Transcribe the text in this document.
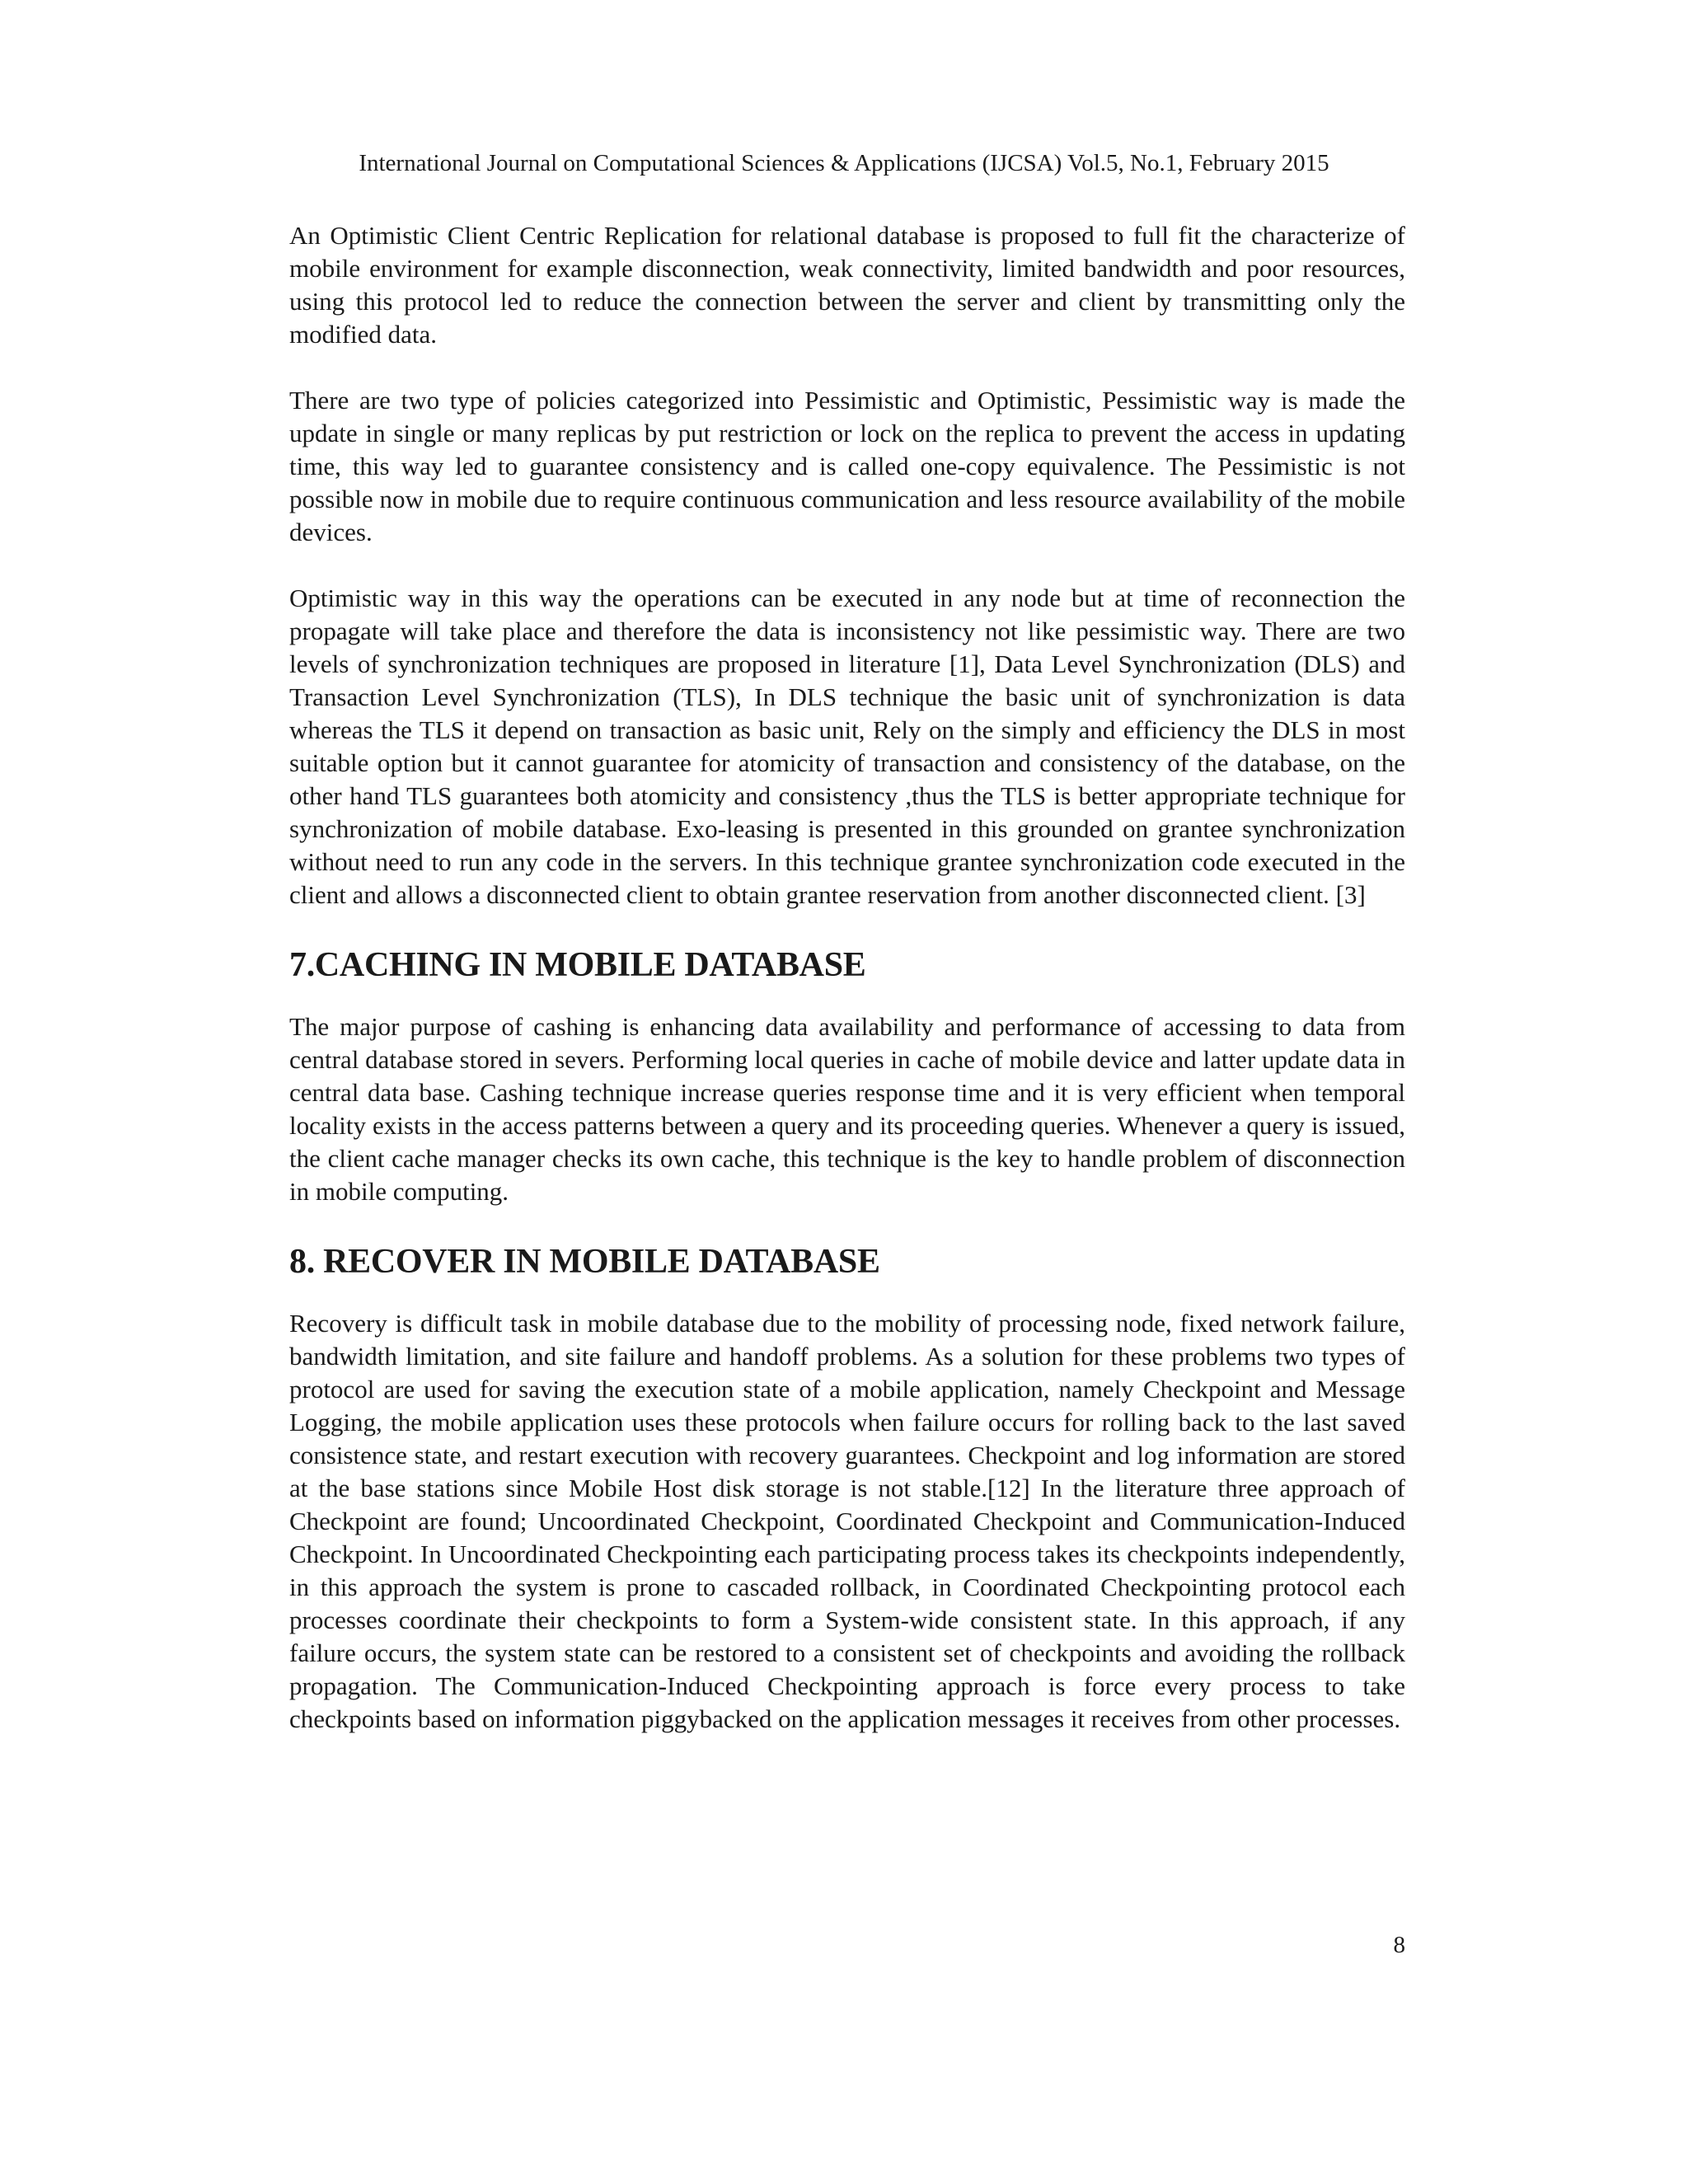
International Journal on Computational Sciences & Applications (IJCSA) Vol.5, No.1, February 2015

An Optimistic Client Centric Replication for relational database is proposed to full fit the characterize of mobile environment for example disconnection, weak connectivity, limited bandwidth and poor resources, using this protocol led to reduce the connection between the server and client by transmitting only the modified data.

There are two type of policies categorized into Pessimistic and Optimistic, Pessimistic way is made the update in single or many replicas by put restriction or lock on the replica to prevent the access in updating time, this way led to guarantee consistency and is called one-copy equivalence. The Pessimistic is not possible now in mobile due to require continuous communication and less resource availability of the mobile devices.

Optimistic way in this way the operations can be executed in any node but at time of reconnection the propagate will take place and therefore the data is inconsistency not like pessimistic way. There are two levels of synchronization techniques are proposed in literature [1], Data Level Synchronization (DLS) and Transaction Level Synchronization (TLS), In DLS technique the basic unit of synchronization is data whereas the TLS it depend on transaction as basic unit, Rely on the simply and efficiency the DLS in most suitable option but it cannot guarantee for atomicity of transaction and consistency of the database, on the other hand TLS guarantees both atomicity and consistency ,thus the TLS is better appropriate technique for synchronization of mobile database. Exo-leasing is presented in this grounded on grantee synchronization without need to run any code in the servers. In this technique grantee synchronization code executed in the client and allows a disconnected client to obtain grantee reservation from another disconnected client. [3]

7.CACHING IN MOBILE DATABASE

The major purpose of cashing is enhancing data availability and performance of accessing to data from central database stored in severs. Performing local queries in cache of mobile device and latter update data in central data base. Cashing technique increase queries response time and it is very efficient when temporal locality exists in the access patterns between a query and its proceeding queries. Whenever a query is issued, the client cache manager checks its own cache, this technique is the key to handle problem of disconnection in mobile computing.

8. RECOVER IN MOBILE DATABASE

Recovery is difficult task in mobile database due to the mobility of processing node, fixed network failure, bandwidth limitation, and site failure and handoff problems. As a solution for these problems two types of protocol are used for saving the execution state of a mobile application, namely Checkpoint and Message Logging, the mobile application uses these protocols when failure occurs for rolling back to the last saved consistence state, and restart execution with recovery guarantees. Checkpoint and log information are stored at the base stations since Mobile Host disk storage is not stable.[12] In the literature three approach of Checkpoint are found; Uncoordinated Checkpoint, Coordinated Checkpoint and Communication-Induced Checkpoint. In Uncoordinated Checkpointing each participating process takes its checkpoints independently, in this approach the system is prone to cascaded rollback, in Coordinated Checkpointing protocol each processes coordinate their checkpoints to form a System-wide consistent state. In this approach, if any failure occurs, the system state can be restored to a consistent set of checkpoints and avoiding the rollback propagation. The Communication-Induced Checkpointing approach is force every process to take checkpoints based on information piggybacked on the application messages it receives from other processes.

8
